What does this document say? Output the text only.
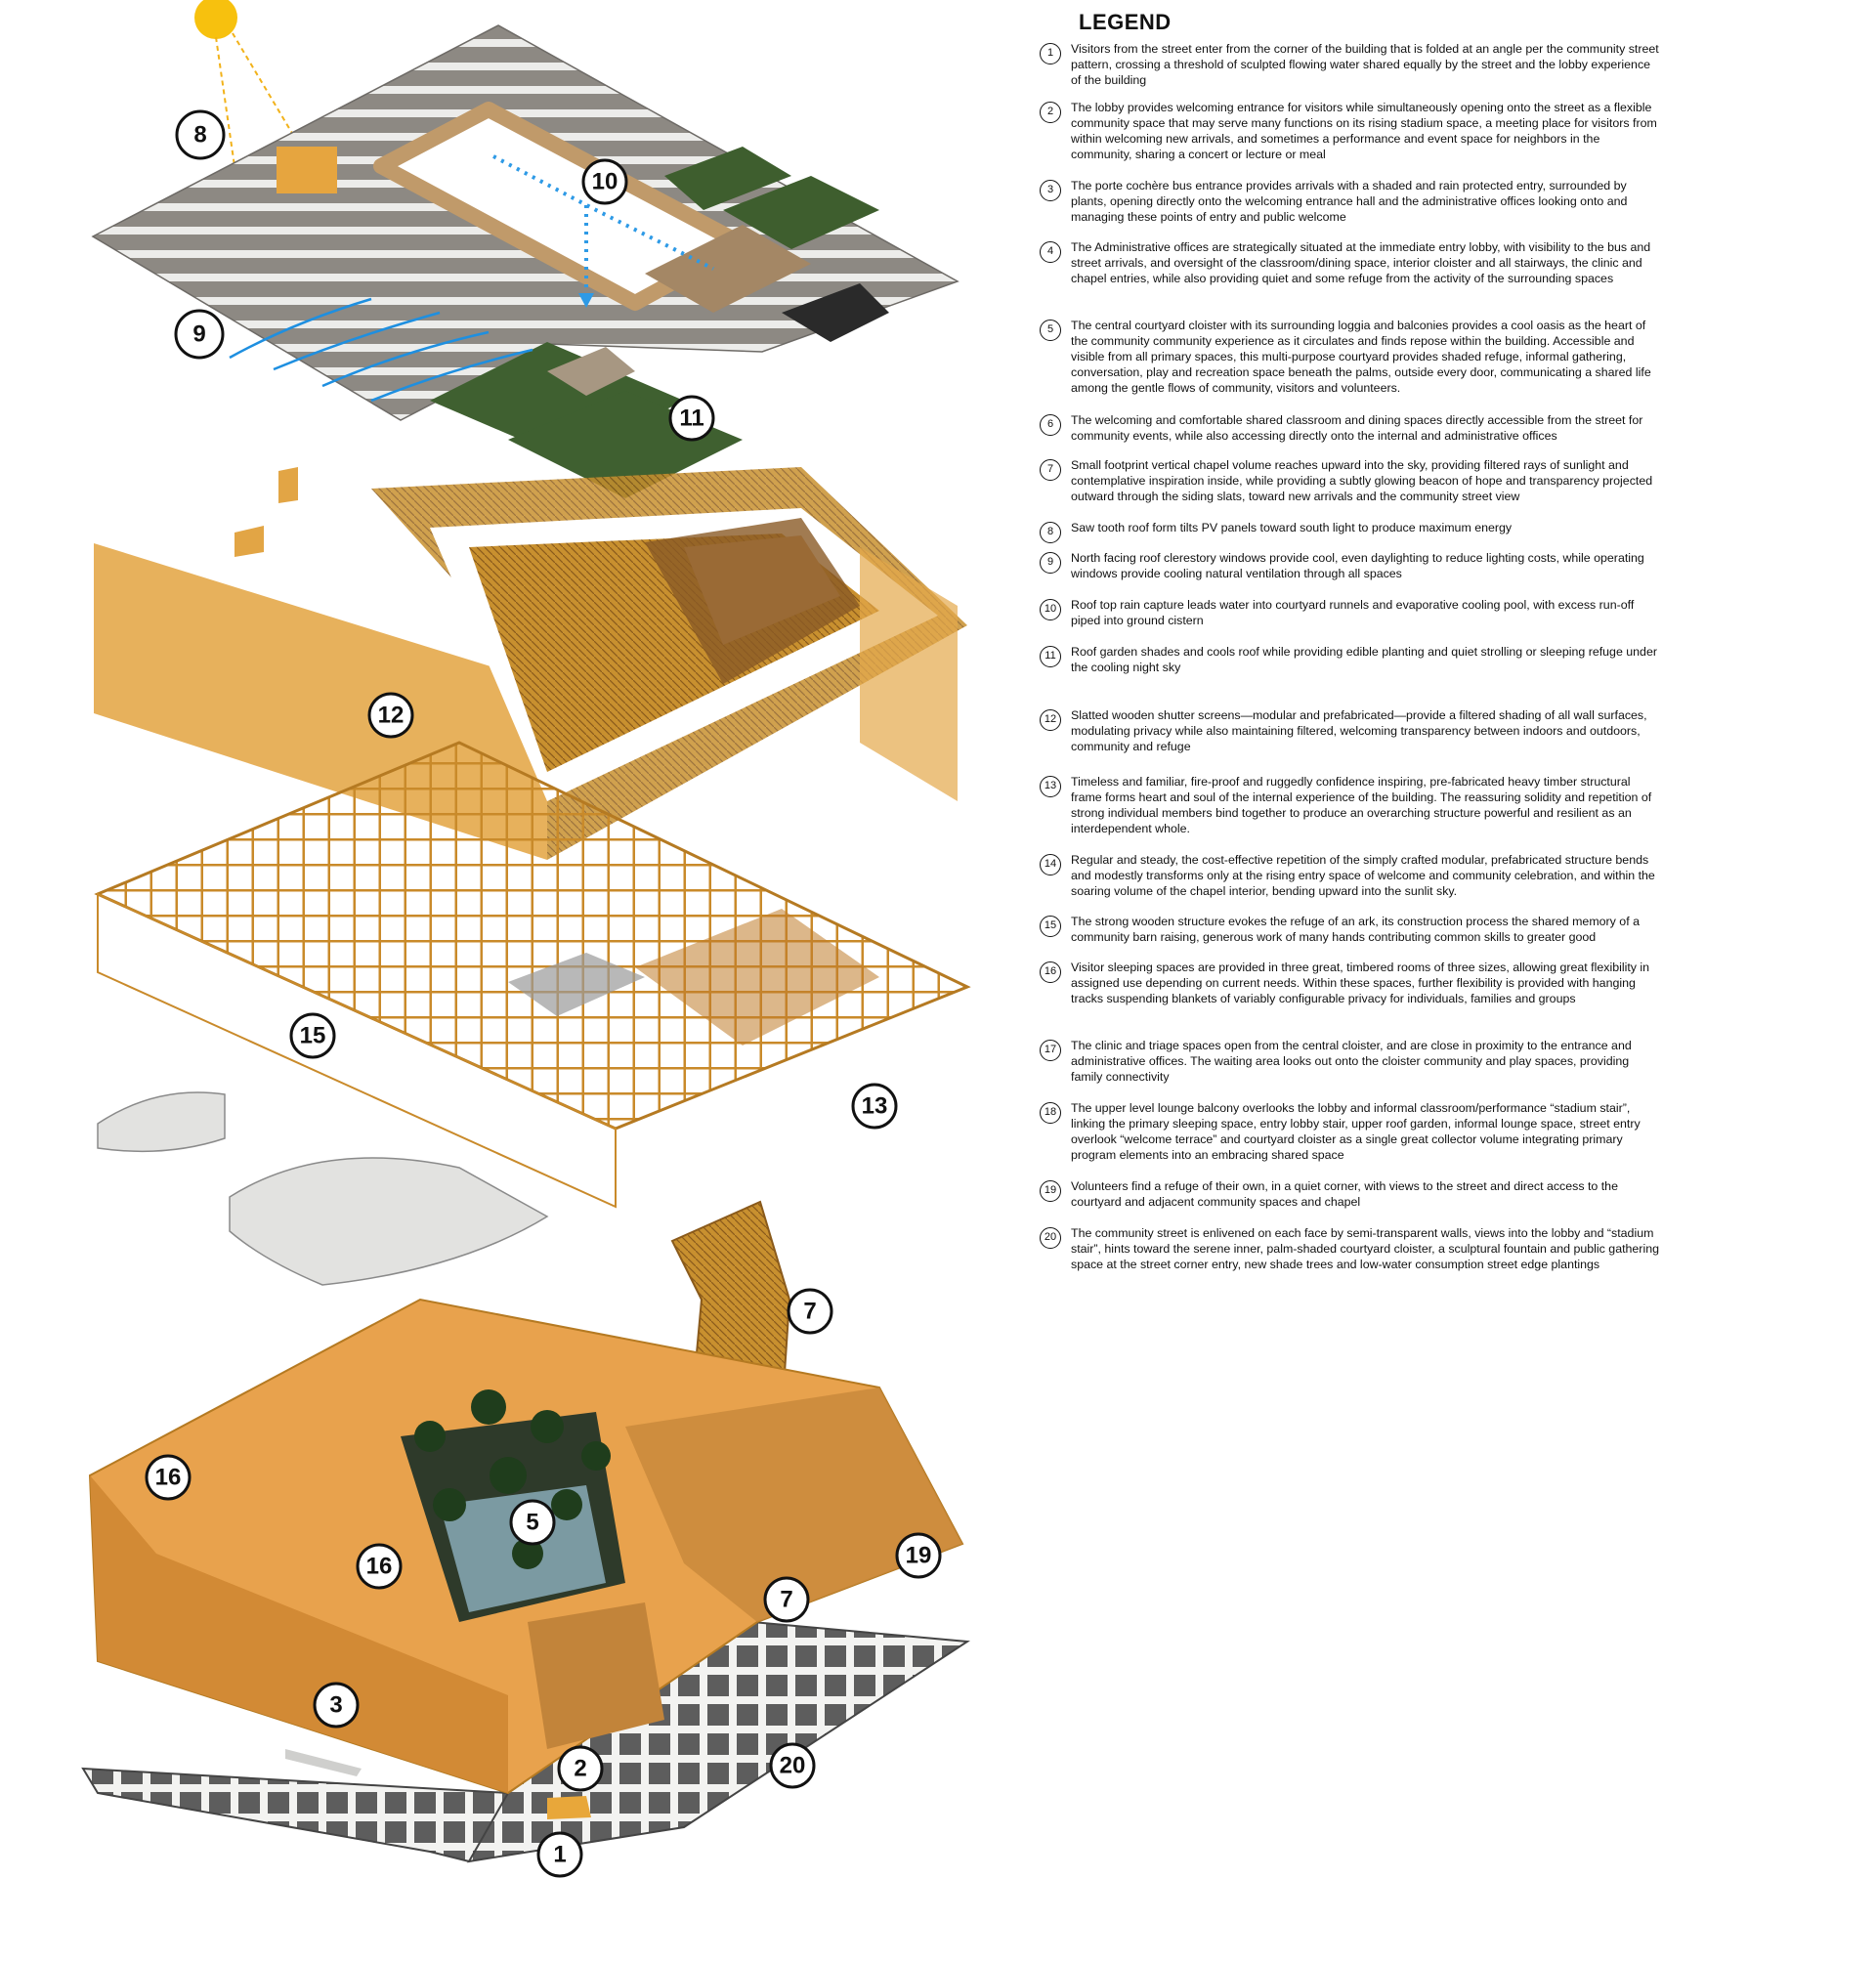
8
10
9
11
12
15
13
7
16
16
5
19
7
3
2	20
1
LEGEND
1	Visitors from the street enter from the corner of the building that is folded at an angle per the community street pattern, crossing a threshold of sculpted flowing water shared equally by the street and the lobby experience of the building
2	The lobby provides welcoming entrance for visitors while simultaneously opening onto the street as a flexible community space that may serve many functions on its rising stadium space, a meeting place for visitors from within welcoming new arrivals, and sometimes a performance and event space for neighbors in the community, sharing a concert or lecture or meal
3	The porte cochère bus entrance provides arrivals with a shaded and rain protected entry, surrounded by plants, opening directly onto the welcoming entrance hall and the administrative offices looking onto and managing these points of entry and public welcome
4	The Administrative offices are strategically situated at the immediate entry lobby, with visibility to the bus and street arrivals, and oversight of the classroom/dining space, interior cloister and all stairways, the clinic and chapel entries, while also providing quiet and some refuge from the activity of the surrounding spaces
5	The central courtyard cloister with its surrounding loggia and balconies provides a cool oasis as the heart of the community community experience as it circulates and finds repose within the building. Accessible and visible from all primary spaces, this multi-purpose courtyard provides shaded refuge, informal gathering, conversation, play and recreation space beneath the palms, outside every door, communicating a shared life among the gentle flows of community, visitors and volunteers.
6	The welcoming and comfortable shared classroom and dining spaces directly accessible from the street for community events, while also accessing directly onto the internal and administrative offices
7	Small footprint vertical chapel volume reaches upward into the sky, providing filtered rays of sunlight and contemplative inspiration inside, while providing a subtly glowing beacon of hope and transparency projected outward through the siding slats, toward new arrivals and the community street view
8	Saw tooth roof form tilts PV panels toward south light to produce maximum energy
9	North facing roof clerestory windows provide cool, even daylighting to reduce lighting costs, while operating windows provide cooling natural ventilation through all spaces
10	Roof top rain capture leads water into courtyard runnels and evaporative cooling pool, with excess run-off piped into ground cistern
11	Roof garden shades and cools roof while providing edible planting and quiet strolling or sleeping refuge under the cooling night sky
12	Slatted wooden shutter screens—modular and prefabricated—provide a filtered shading of all wall surfaces, modulating privacy while also maintaining filtered, welcoming transparency between indoors and outdoors, community and refuge
13	Timeless and familiar, fire-proof and ruggedly confidence inspiring, pre-fabricated heavy timber structural frame forms heart and soul of the internal experience of the building. The reassuring solidity and repetition of strong individual members bind together to produce an overarching structure powerful and resilient as an interdependent whole.
14	Regular and steady, the cost-effective repetition of the simply crafted modular, prefabricated structure bends and modestly transforms only at the rising entry space of welcome and community celebration, and within the soaring volume of the chapel interior, bending upward into the sunlit sky.
15	The strong wooden structure evokes the refuge of an ark, its construction process the shared memory of a community barn raising, generous work of many hands contributing common skills to greater good
16	Visitor sleeping spaces are provided in three great, timbered rooms of three sizes, allowing great flexibility in assigned use depending on current needs. Within these spaces, further flexibility is provided with hanging tracks suspending blankets of variably configurable privacy for individuals, families and groups
17	The clinic and triage spaces open from the central cloister, and are close in proximity to the entrance and administrative offices. The waiting area looks out onto the cloister community and play spaces, providing family connectivity
18	The upper level lounge balcony overlooks the lobby and informal classroom/performance “stadium stair”, linking the primary sleeping space, entry lobby stair, upper roof garden, informal lounge space, street entry overlook “welcome terrace” and courtyard cloister as a single great collector volume integrating primary program elements into an embracing shared space
19	Volunteers find a refuge of their own, in a quiet corner, with views to the street and direct access to the courtyard and adjacent community spaces and chapel
20	The community street is enlivened on each face by semi-transparent walls, views into the lobby and “stadium stair”, hints toward the serene inner, palm-shaded courtyard cloister, a sculptural fountain and public gathering space at the street corner entry, new shade trees and low-water consumption street edge plantings
